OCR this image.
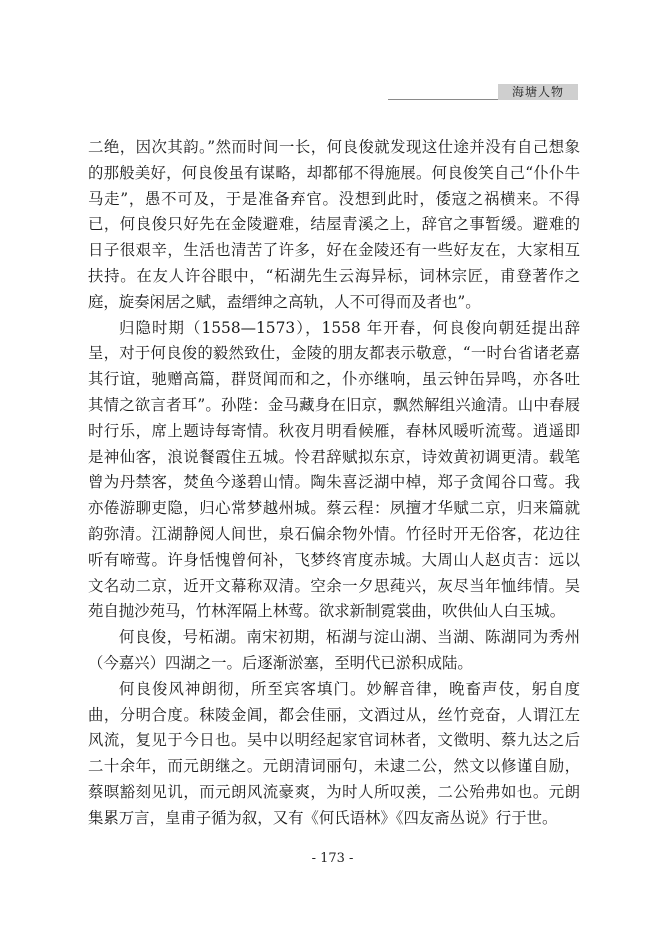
海塘人物

二绝，因次其韵。”然而时间一长，何良俊就发现这仕途并没有自己想象的那般美好，何良俊虽有谋略，却都郁不得施展。何良俊笑自己“仆仆牛马走”，愚不可及，于是准备弃官。没想到此时，倭寇之祸横来。不得已，何良俊只好先在金陵避难，结屋青溪之上，辞官之事暂缓。避难的日子很艰辛，生活也清苦了许多，好在金陵还有一些好友在，大家相互扶持。在友人许谷眼中，“柘湖先生云海异标，词林宗匠，甫登著作之庭，旋奏闲居之赋，盍缙绅之高轨，人不可得而及者也”。

归隐时期（1558—1573），1558 年开春，何良俊向朝廷提出辞呈，对于何良俊的毅然致仕，金陵的朋友都表示敬意，“一时台省诸老嘉其行谊，驰赠高篇，群贤闻而和之，仆亦继响，虽云钟缶异鸣，亦各吐其情之欲言者耳”。孙陛：金马藏身在旧京，飘然解组兴逾清。山中春屐时行乐，席上题诗每寄情。秋夜月明看候雁，春林风暖听流莺。逍遥即是神仙客，浪说餐霞住五城。怜君辞赋拟东京，诗效黄初调更清。载笔曾为丹禁客，焚鱼今遂碧山情。陶朱喜泛湖中棹，郑子贪闻谷口莺。我亦倦游聊吏隐，归心常梦越州城。蔡云程：夙擅才华赋二京，归来篇就韵弥清。江湖静阅人间世，泉石偏余物外情。竹径时开无俗客，花边往听有啼莺。许身恬愧曾何补，飞梦终宵度赤城。大周山人赵贞吉：远以文名动二京，近开文幕称双清。空余一夕思莼兴，灰尽当年恤纬情。吴苑自抛沙苑马，竹林浑隔上林莺。欲求新制霓裳曲，吹供仙人白玉城。

何良俊，号柘湖。南宋初期，柘湖与淀山湖、当湖、陈湖同为秀州（今嘉兴）四湖之一。后逐渐淤塞，至明代已淤积成陆。

何良俊风神朗彻，所至宾客填门。妙解音律，晚畜声伎，躬自度曲，分明合度。秣陵金阊，都会佳丽，文酒过从，丝竹竞奋，人谓江左风流，复见于今日也。吴中以明经起家官词林者，文徵明、蔡九达之后二十余年，而元朗继之。元朗清词丽句，未逮二公，然文以修谨自励，蔡暝豁刻见讥，而元朗风流豪爽，为时人所叹羡，二公殆弗如也。元朗集累万言，皇甫子循为叙，又有《何氏语林》《四友斋丛说》行于世。

- 173 -
